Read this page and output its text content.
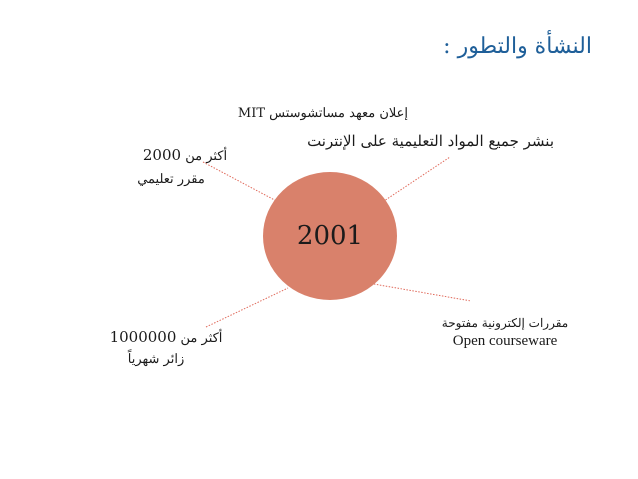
النشأة والتطور :
2001
إعلان معهد مساتشوستس MIT
بنشر جميع المواد التعليمية على الإنترنت
أكثر من 2000
مقرر تعليمي
أكثر من 1000000
زائر شهرياً
مقررات إلكترونية مفتوحة
Open courseware
